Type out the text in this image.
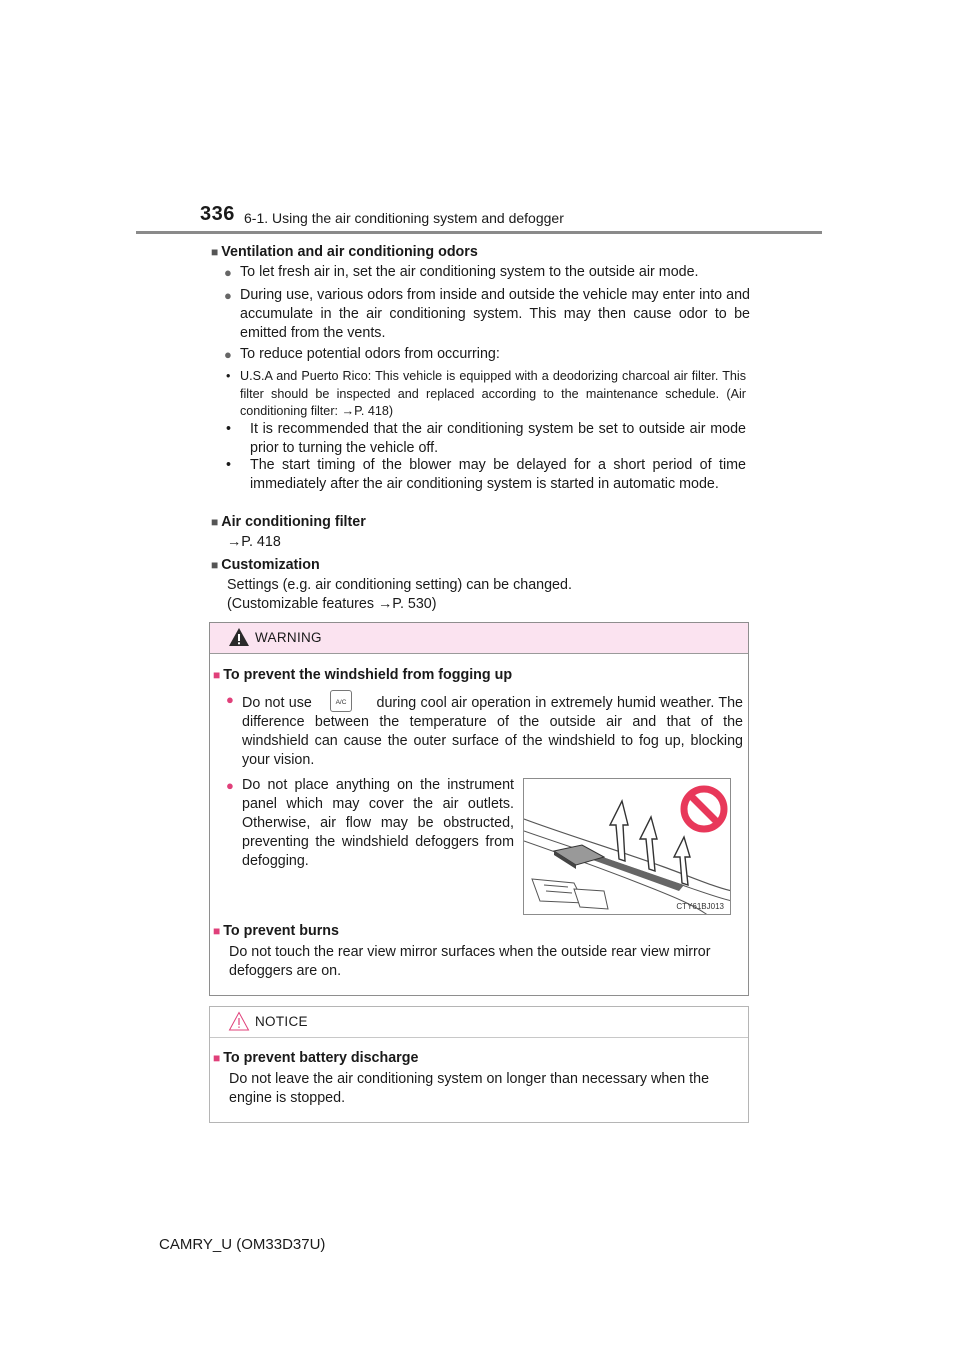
336 6-1. Using the air conditioning system and defogger
■ Ventilation and air conditioning odors
● To let fresh air in, set the air conditioning system to the outside air mode.
● During use, various odors from inside and outside the vehicle may enter into and accumulate in the air conditioning system. This may then cause odor to be emitted from the vents.
● To reduce potential odors from occurring:
• U.S.A and Puerto Rico: This vehicle is equipped with a deodorizing charcoal air filter. This filter should be inspected and replaced according to the maintenance schedule. (Air conditioning filter: →P. 418)
• It is recommended that the air conditioning system be set to outside air mode prior to turning the vehicle off.
• The start timing of the blower may be delayed for a short period of time immediately after the air conditioning system is started in automatic mode.
■ Air conditioning filter
→P. 418
■ Customization
Settings (e.g. air conditioning setting) can be changed.
(Customizable features →P. 530)
WARNING
■ To prevent the windshield from fogging up
● Do not use	A/C during cool air operation in extremely humid weather. The difference between the temperature of the outside air and that of the windshield can cause the outer surface of the windshield to fog up, blocking your vision.
● Do not place anything on the instrument panel which may cover the air outlets. Otherwise, air flow may be obstructed, preventing the windshield defoggers from defogging.
CTY61BJ013
■ To prevent burns
Do not touch the rear view mirror surfaces when the outside rear view mirror defoggers are on.
NOTICE
■ To prevent battery discharge
Do not leave the air conditioning system on longer than necessary when the engine is stopped.
CAMRY_U (OM33D37U)
